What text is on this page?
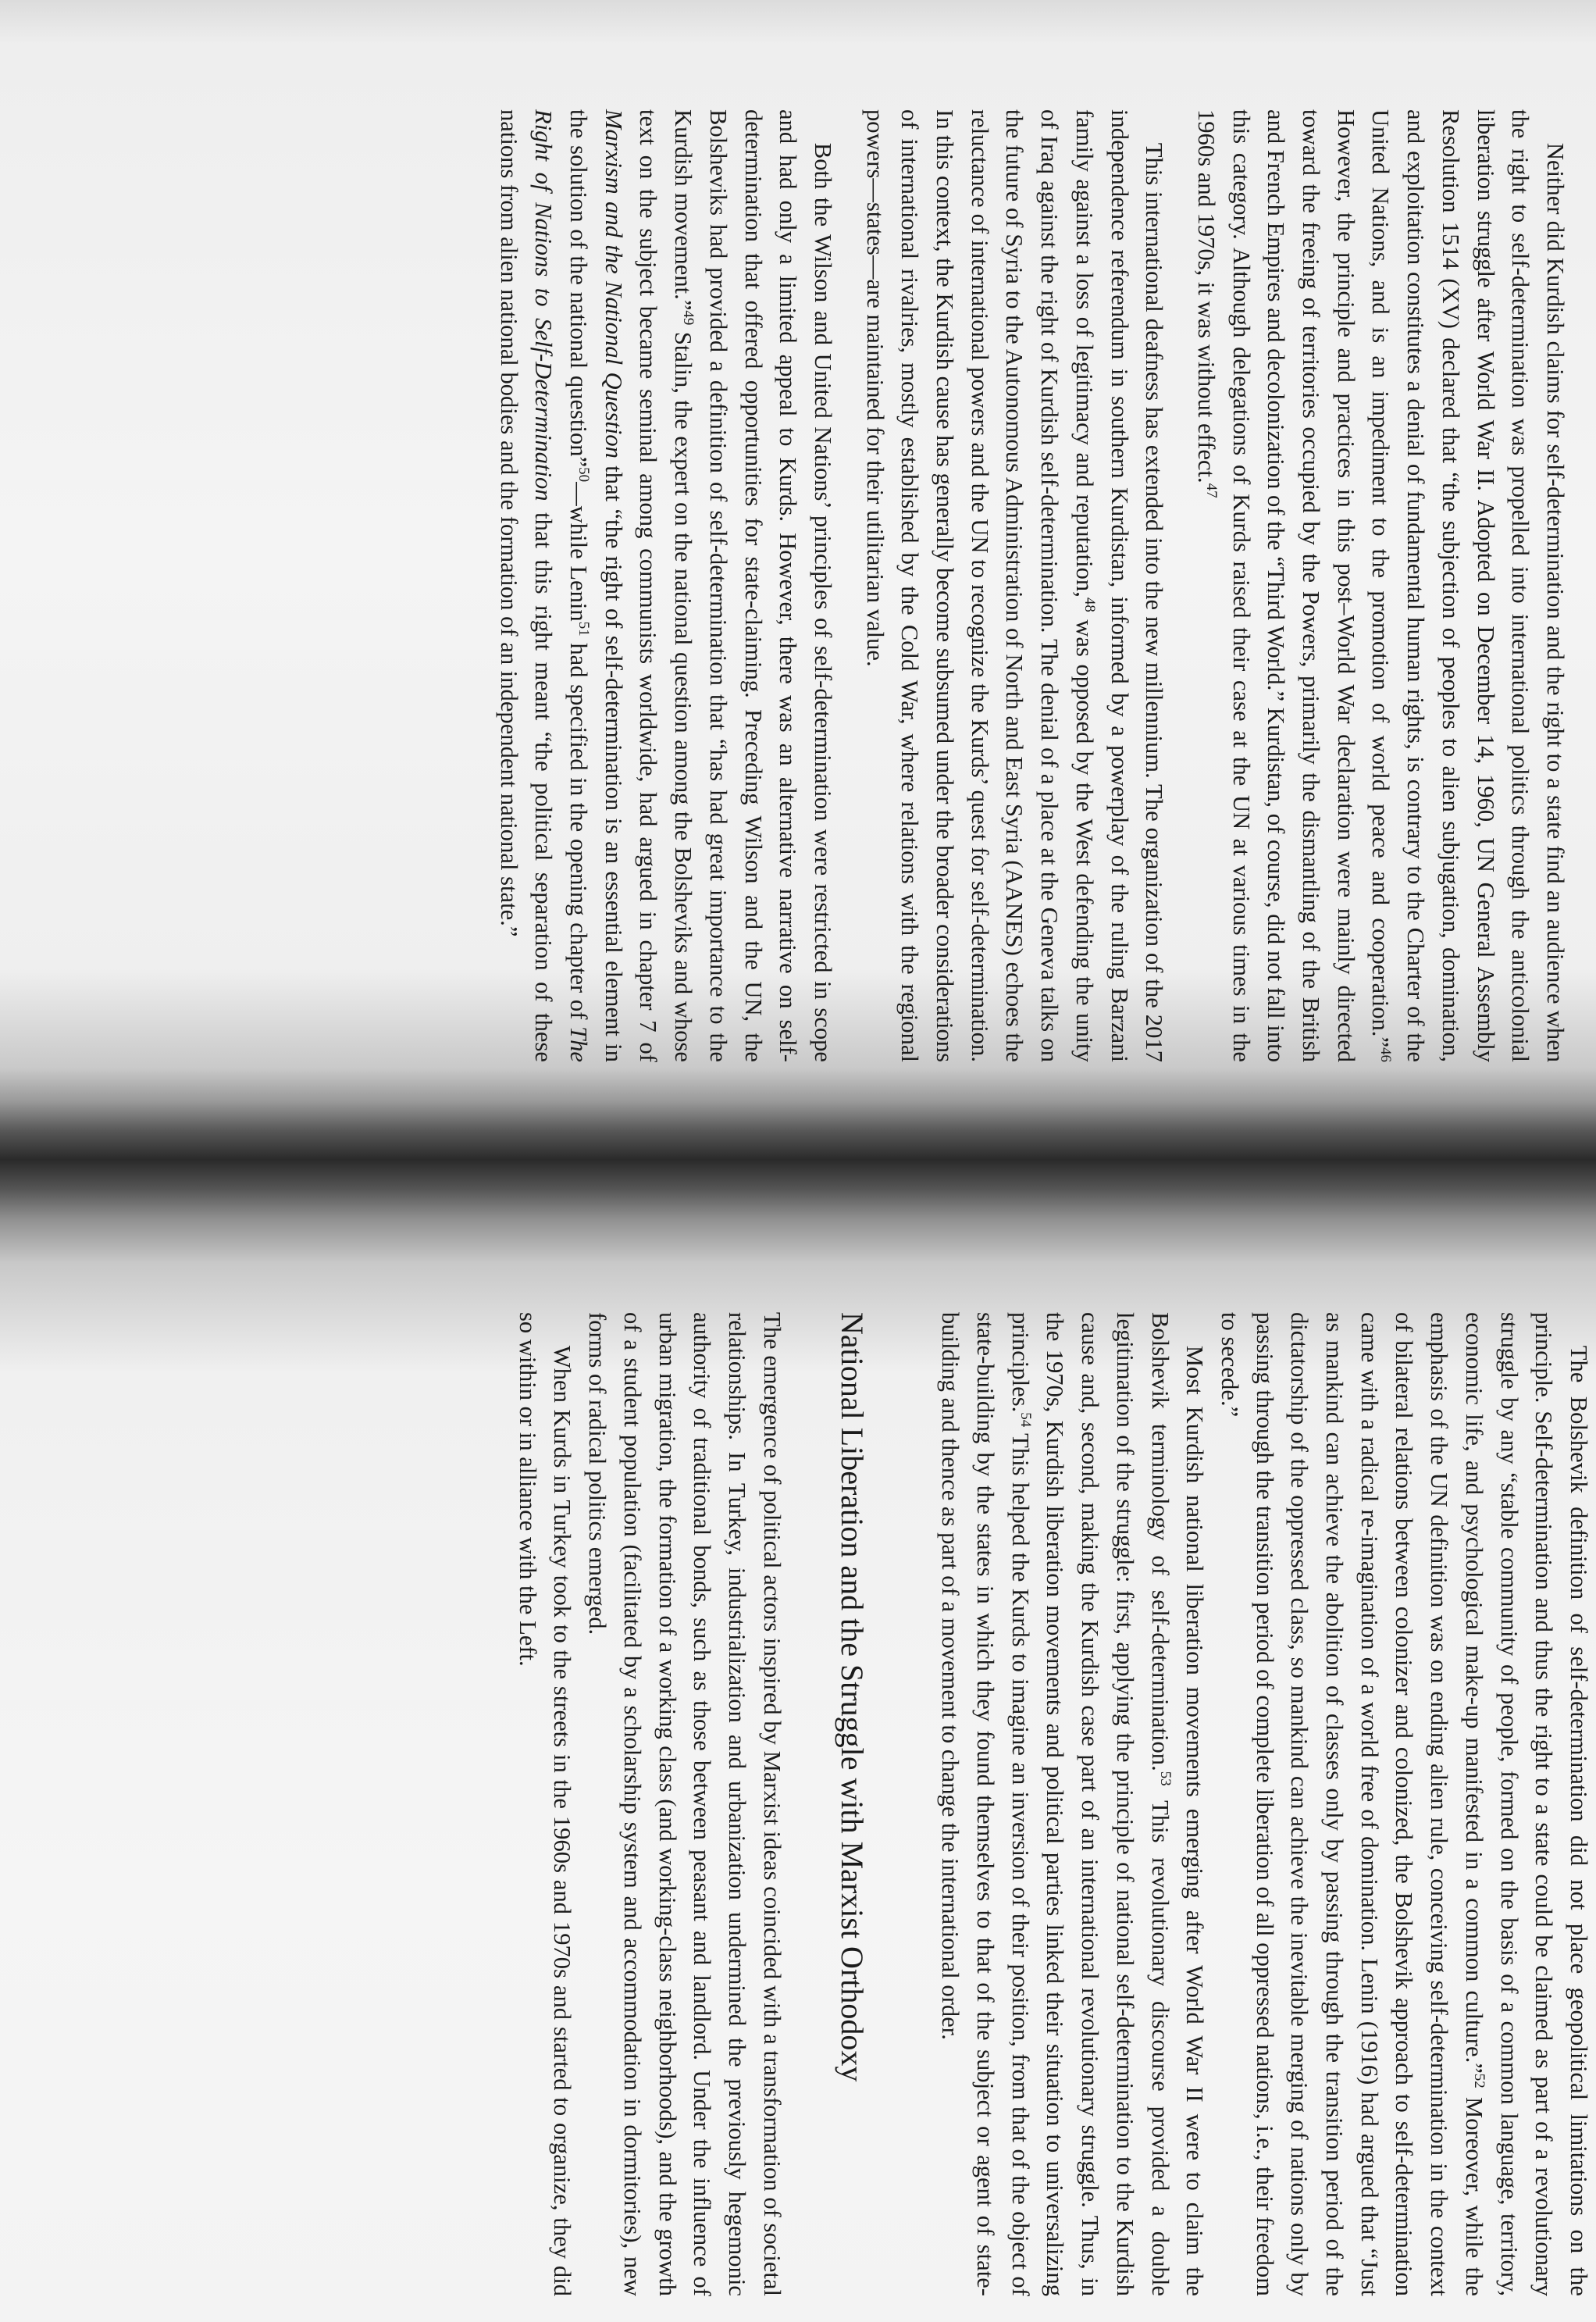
Neither did Kurdish claims for self-determination and the right to a state find an audience when the right to self-determination was propelled into international politics through the anticolonial liberation struggle after World War II. Adopted on December 14, 1960, UN General Assembly Resolution 1514 (XV) declared that “the subjection of peoples to alien subjugation, domination, and exploitation constitutes a denial of fundamental human rights, is contrary to the Charter of the United Nations, and is an impediment to the promotion of world peace and cooperation.”$^{46}$ However, the principle and practices in this post–World War declaration were mainly directed toward the freeing of territories occupied by the Powers, primarily the dismantling of the British and French Empires and decolonization of the “Third World.” Kurdistan, of course, did not fall into this category. Although delegations of Kurds raised their case at the UN at various times in the 1960s and 1970s, it was without effect.$^{47}$

This international deafness has extended into the new millennium. The organization of the 2017 independence referendum in southern Kurdistan, informed by a powerplay of the ruling Barzani family against a loss of legitimacy and reputation,$^{48}$ was opposed by the West defending the unity of Iraq against the right of Kurdish self-determination. The denial of a place at the Geneva talks on the future of Syria to the Autonomous Administration of North and East Syria (AANES) echoes the reluctance of international powers and the UN to recognize the Kurds’ quest for self-determination. In this context, the Kurdish cause has generally become subsumed under the broader considerations of international rivalries, mostly established by the Cold War, where relations with the regional powers—states—are maintained for their utilitarian value.

Both the Wilson and United Nations’ principles of self-determination were restricted in scope and had only a limited appeal to Kurds. However, there was an alternative narrative on self-determination that offered opportunities for state-claiming. Preceding Wilson and the UN, the Bolsheviks had provided a definition of self-determination that “has had great importance to the Kurdish movement.”$^{49}$ Stalin, the expert on the national question among the Bolsheviks and whose text on the subject became seminal among communists worldwide, had argued in chapter 7 of Marxism and the National Question that “the right of self-determination is an essential element in the solution of the national question”$^{50}$—while Lenin$^{51}$ had specified in the opening chapter of The Right of Nations to Self-Determination that this right meant “the political separation of these nations from alien national bodies and the formation of an independent national state.”

The Bolshevik definition of self-determination did not place geopolitical limitations on the principle. Self-determination and thus the right to a state could be claimed as part of a revolutionary struggle by any “stable community of people, formed on the basis of a common language, territory, economic life, and psychological make-up manifested in a common culture.”$^{52}$ Moreover, while the emphasis of the UN definition was on ending alien rule, conceiving self-determination in the context of bilateral relations between colonizer and colonized, the Bolshevik approach to self-determination came with a radical re-imagination of a world free of domination. Lenin (1916) had argued that “Just as mankind can achieve the abolition of classes only by passing through the transition period of the dictatorship of the oppressed class, so mankind can achieve the inevitable merging of nations only by passing through the transition period of complete liberation of all oppressed nations, i.e., their freedom to secede.”

Most Kurdish national liberation movements emerging after World War II were to claim the Bolshevik terminology of self-determination.$^{53}$ This revolutionary discourse provided a double legitimation of the struggle: first, applying the principle of national self-determination to the Kurdish cause and, second, making the Kurdish case part of an international revolutionary struggle. Thus, in the 1970s, Kurdish liberation movements and political parties linked their situation to universalizing principles.$^{54}$ This helped the Kurds to imagine an inversion of their position, from that of the object of state-building by the states in which they found themselves to that of the subject or agent of state-building and thence as part of a movement to change the international order.

National Liberation and the Struggle with Marxist Orthodoxy

The emergence of political actors inspired by Marxist ideas coincided with a transformation of societal relationships. In Turkey, industrialization and urbanization undermined the previously hegemonic authority of traditional bonds, such as those between peasant and landlord. Under the influence of urban migration, the formation of a working class (and working-class neighborhoods), and the growth of a student population (facilitated by a scholarship system and accommodation in dormitories), new forms of radical politics emerged.

When Kurds in Turkey took to the streets in the 1960s and 1970s and started to organize, they did so within or in alliance with the Left.
